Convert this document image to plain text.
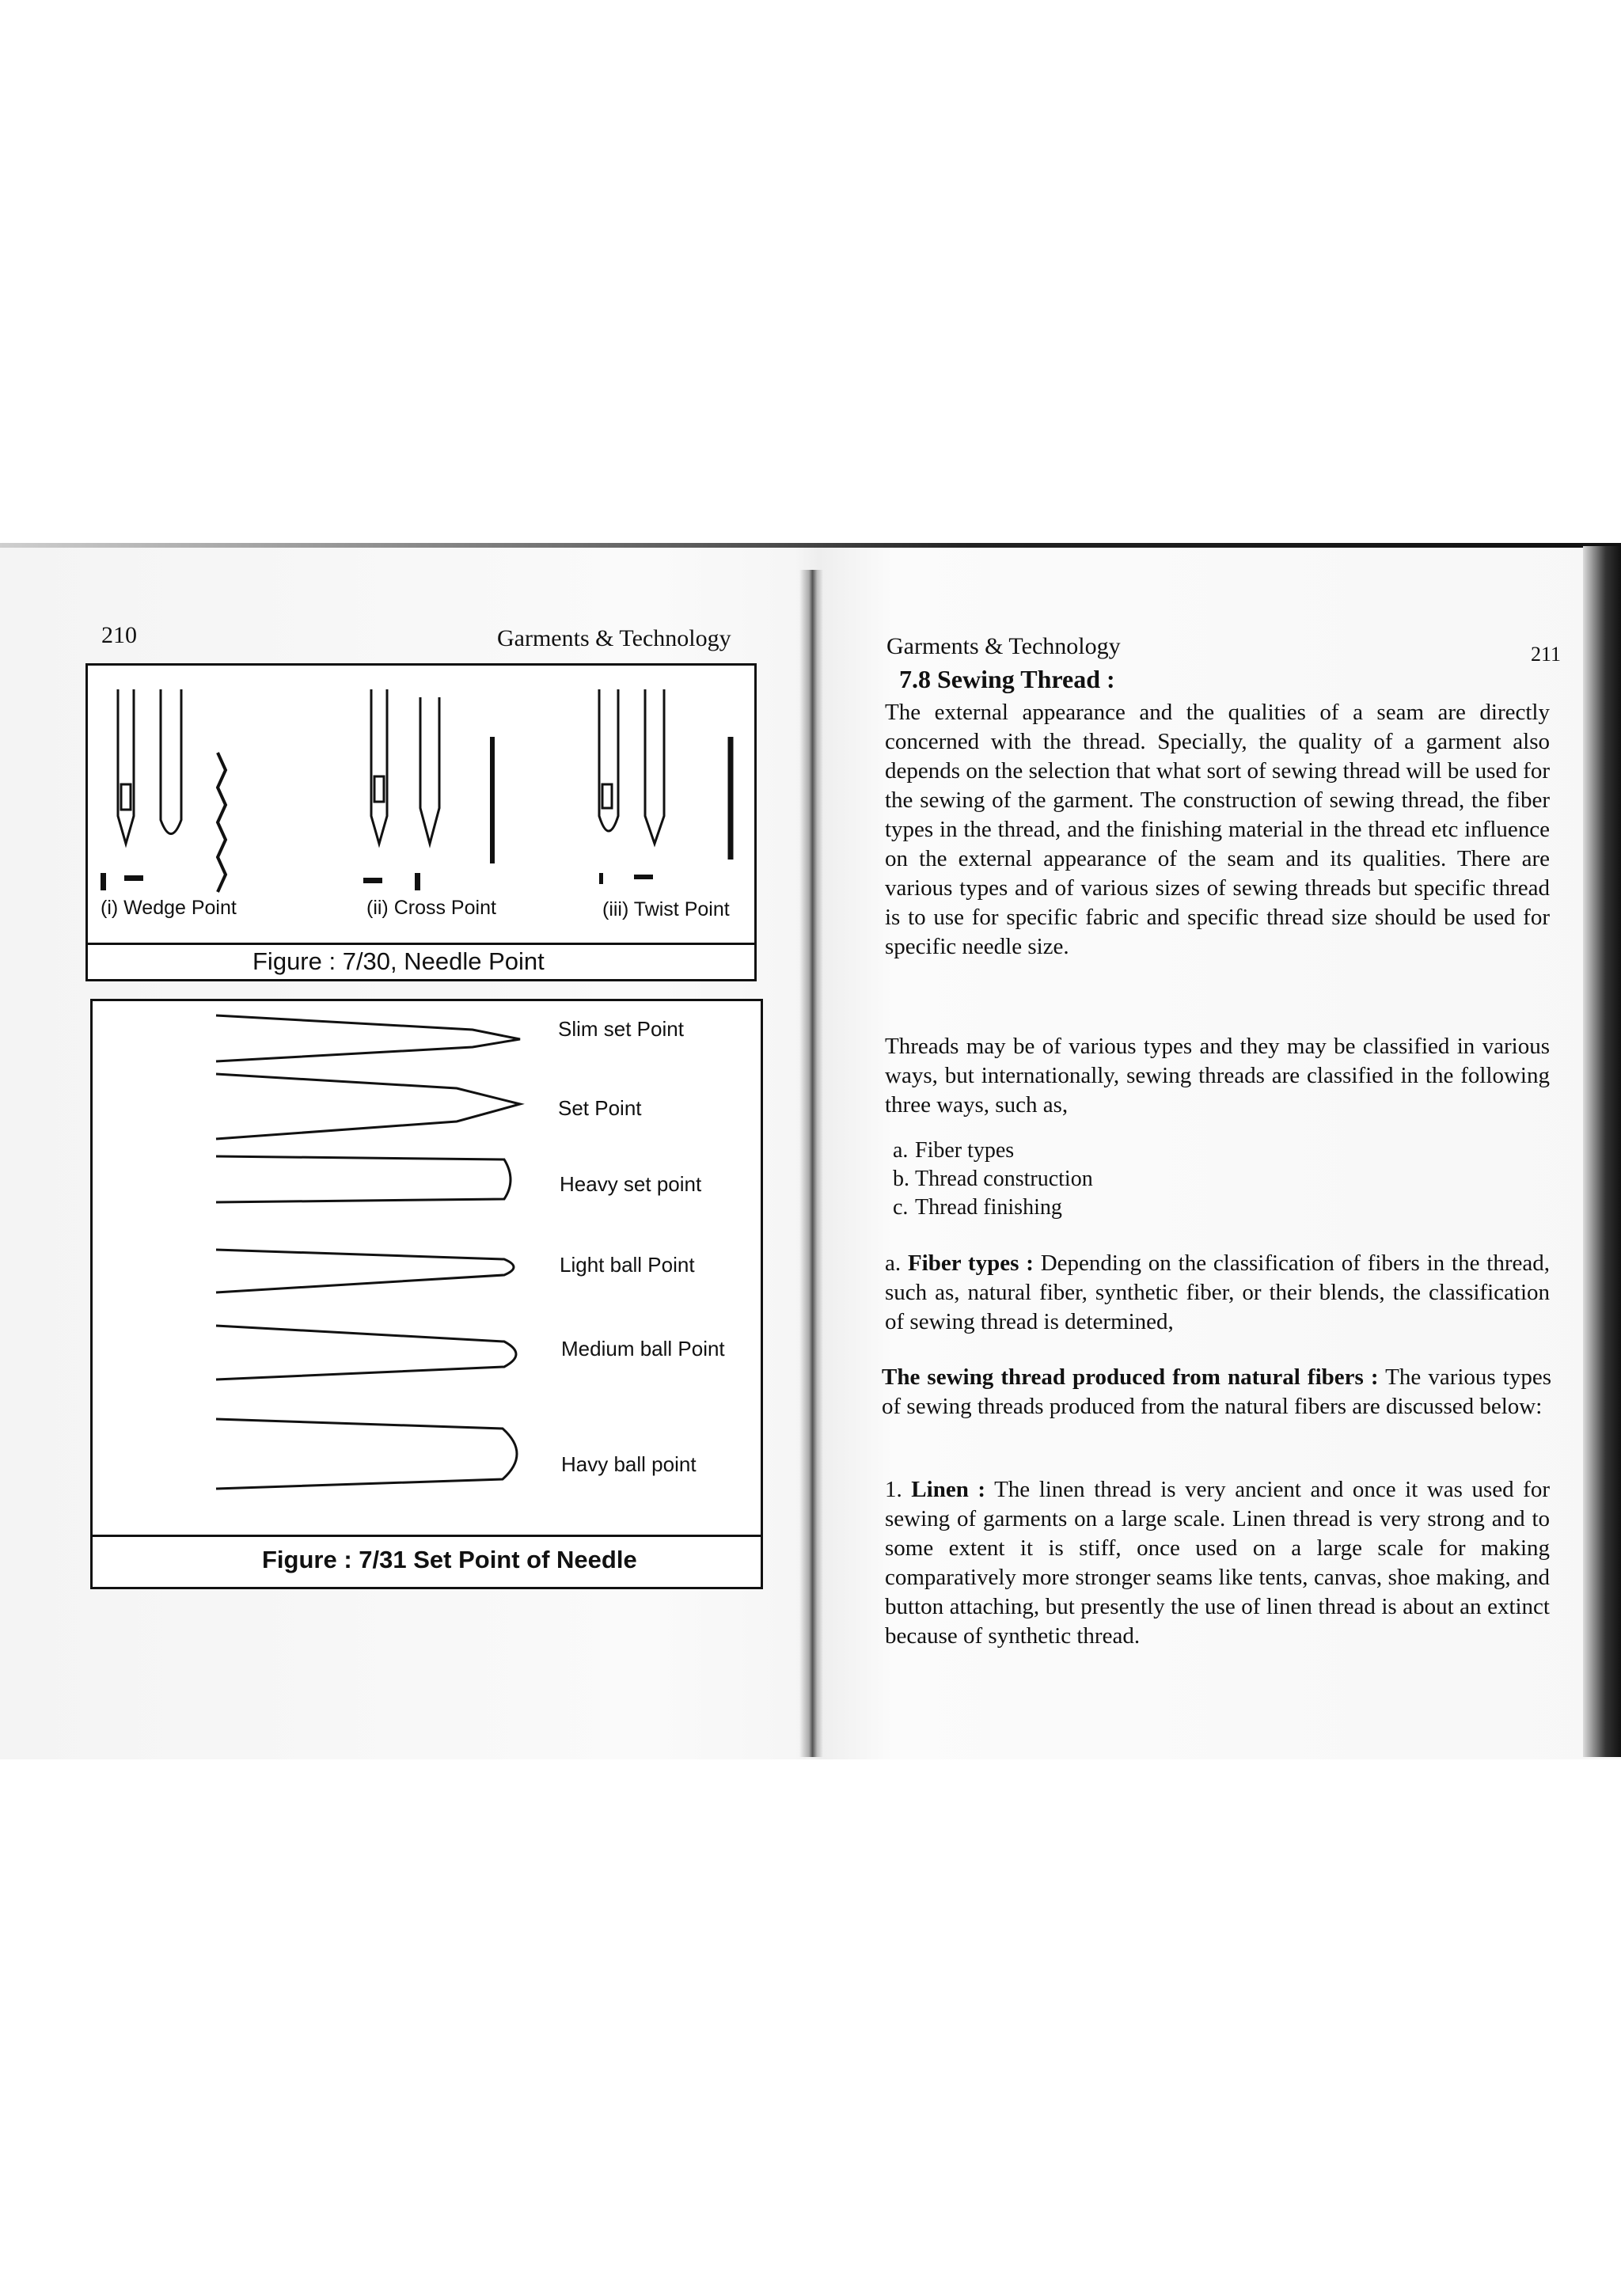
210	Garments & Technology
(i) Wedge Point	(ii) Cross Point	(iii) Twist Point
Figure : 7/30, Needle Point
Slim set Point
Set Point
Heavy set point
Light ball Point
Medium ball Point
Havy ball point
Figure : 7/31 Set Point of Needle
Garments & Technology	211
7.8 Sewing Thread :
The external appearance and the qualities of a seam are directly concerned with the thread. Specially, the quality of a garment also depends on the selection that what sort of sewing thread will be used for the sewing of the garment. The construction of sewing thread, the fiber types in the thread, and the finishing material in the thread etc influence on the external appearance of the seam and its qualities. There are various types and of various sizes of sewing threads but specific thread is to use for specific fabric and specific thread size should be used for specific needle size.
Threads may be of various types and they may be classified in various ways, but internationally, sewing threads are classified in the following three ways, such as,
a. Fiber types
b. Thread construction
c. Thread finishing
a. Fiber types : Depending on the classification of fibers in the thread, such as, natural fiber, synthetic fiber, or their blends, the classification of sewing thread is determined,
The sewing thread produced from natural fibers : The various types of sewing threads produced from the natural fibers are discussed below:
1. Linen : The linen thread is very ancient and once it was used for sewing of garments on a large scale. Linen thread is very strong and to some extent it is stiff, once used on a large scale for making comparatively more stronger seams like tents, canvas, shoe making, and button attaching, but presently the use of linen thread is about an extinct because of synthetic thread.
